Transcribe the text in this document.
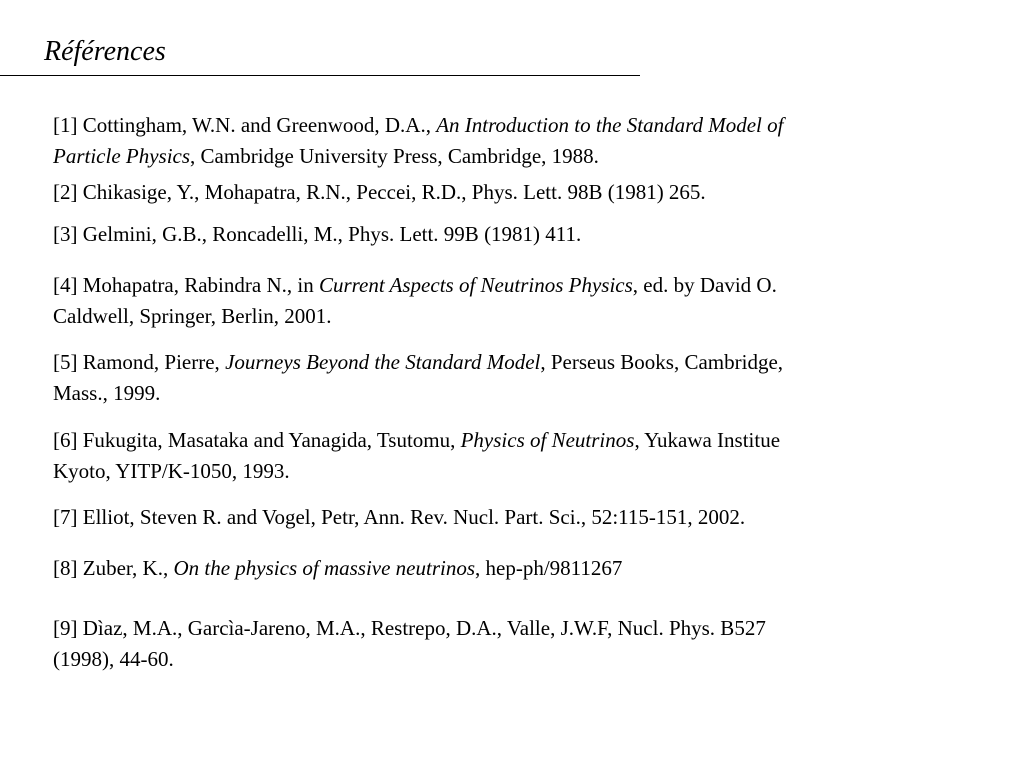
Références
[1] Cottingham, W.N. and Greenwood, D.A., An Introduction to the Standard Model of
Particle Physics, Cambridge University Press, Cambridge, 1988.
[2] Chikasige, Y., Mohapatra, R.N., Peccei, R.D., Phys. Lett. 98B (1981) 265.
[3] Gelmini, G.B., Roncadelli, M., Phys. Lett. 99B (1981) 411.
[4] Mohapatra, Rabindra N., in Current Aspects of Neutrinos Physics, ed. by David O.
Caldwell, Springer, Berlin, 2001.
[5] Ramond, Pierre, Journeys Beyond the Standard Model, Perseus Books, Cambridge,
Mass., 1999.
[6] Fukugita, Masataka and Yanagida, Tsutomu, Physics of Neutrinos, Yukawa Institue
Kyoto, YITP/K-1050, 1993.
[7] Elliot, Steven R. and Vogel, Petr, Ann. Rev. Nucl. Part. Sci., 52:115-151, 2002.
[8] Zuber, K., On the physics of massive neutrinos, hep-ph/9811267
[9] Dìaz, M.A., Garcìa-Jareno, M.A., Restrepo, D.A., Valle, J.W.F, Nucl. Phys. B527
(1998), 44-60.
